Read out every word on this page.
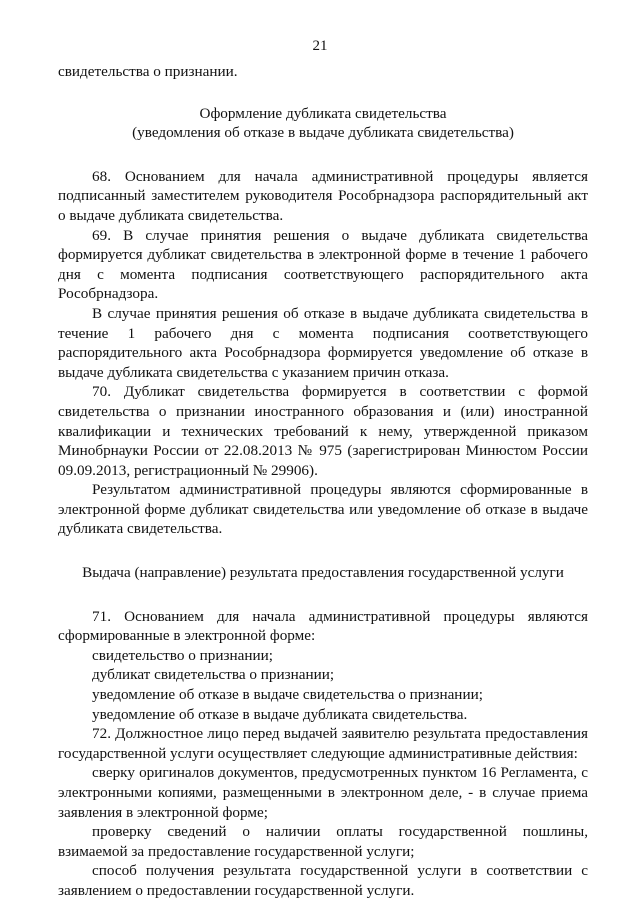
21

свидетельства о признании.

Оформление дубликата свидетельства

(уведомления об отказе в выдаче дубликата свидетельства)

68. Основанием для начала административной процедуры является подписанный заместителем руководителя Рособрнадзора распорядительный акт о выдаче дубликата свидетельства.

69. В случае принятия решения о выдаче дубликата свидетельства формируется дубликат свидетельства в электронной форме в течение 1 рабочего дня с момента подписания соответствующего распорядительного акта Рособрнадзора.

В случае принятия решения об отказе в выдаче дубликата свидетельства в течение 1 рабочего дня с момента подписания соответствующего распорядительного акта Рособрнадзора формируется уведомление об отказе в выдаче дубликата свидетельства с указанием причин отказа.

70. Дубликат свидетельства формируется в соответствии с формой свидетельства о признании иностранного образования и (или) иностранной квалификации и технических требований к нему, утвержденной приказом Минобрнауки России от 22.08.2013 № 975 (зарегистрирован Минюстом России 09.09.2013, регистрационный № 29906).

Результатом административной процедуры являются сформированные в электронной форме дубликат свидетельства или уведомление об отказе в выдаче дубликата свидетельства.

Выдача (направление) результата предоставления государственной услуги

71. Основанием для начала административной процедуры являются сформированные в электронной форме:

свидетельство о признании;

дубликат свидетельства о признании;

уведомление об отказе в выдаче свидетельства о признании;

уведомление об отказе в выдаче дубликата свидетельства.

72. Должностное лицо перед выдачей заявителю результата предоставления государственной услуги осуществляет следующие административные действия:

сверку оригиналов документов, предусмотренных пунктом 16 Регламента, с электронными копиями, размещенными в электронном деле, - в случае приема заявления в электронной форме;

проверку сведений о наличии оплаты государственной пошлины, взимаемой за предоставление государственной услуги;

способ получения результата государственной услуги в соответствии с заявлением о предоставлении государственной услуги.
